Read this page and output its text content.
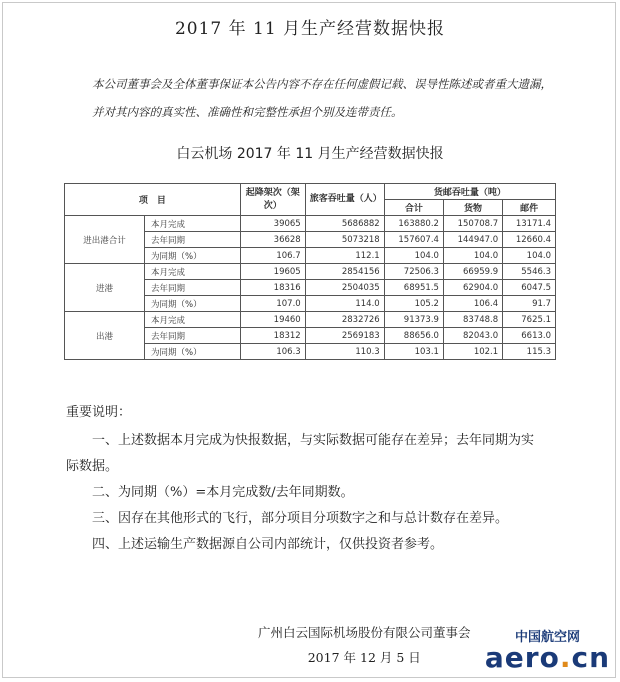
2017 年 11 月生产经营数据快报
本公司董事会及全体董事保证本公告内容不存在任何虚假记载、误导性陈述或者重大遗漏，并对其内容的真实性、准确性和完整性承担个别及连带责任。
白云机场 2017 年 11 月生产经营数据快报
项　目		起降架次（架次）	旅客吞吐量（人）	货邮吞吐量（吨）		
				合计	货物	邮件
进出港合计	本月完成	39065	5686882	163880.2	150708.7	13171.4
	去年同期	36628	5073218	157607.4	144947.0	12660.4
	为同期（%）	106.7	112.1	104.0	104.0	104.0
进港	本月完成	19605	2854156	72506.3	66959.9	5546.3
	去年同期	18316	2504035	68951.5	62904.0	6047.5
	为同期（%）	107.0	114.0	105.2	106.4	91.7
出港	本月完成	19460	2832726	91373.9	83748.8	7625.1
	去年同期	18312	2569183	88656.0	82043.0	6613.0
	为同期（%）	106.3	110.3	103.1	102.1	115.3

重要说明：

一、上述数据本月完成为快报数据，与实际数据可能存在差异；去年同期为实际数据。

二、为同期（%）=本月完成数/去年同期数。

三、因存在其他形式的飞行，部分项目分项数字之和与总计数存在差异。

四、上述运输生产数据源自公司内部统计，仅供投资者参考。

广州白云国际机场股份有限公司董事会
2017 年 12 月 5 日
中国航空网
aero.cn
